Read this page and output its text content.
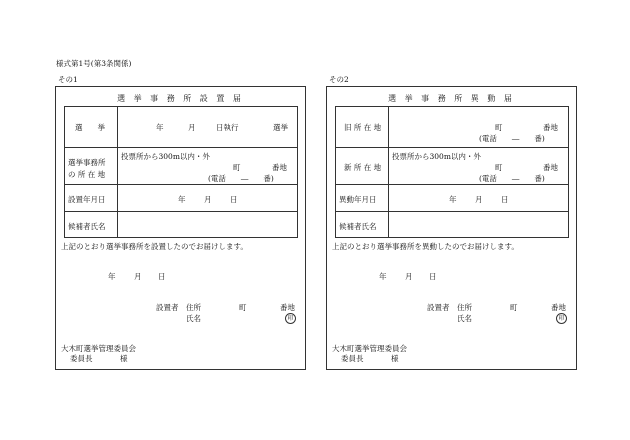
様式第1号(第3条関係)
その1	その2
選 挙 事 務 所 設 置 届
選　　挙	年	月	日執行	選挙
選挙事務所
の 所 在 地
投票所から300m以内・外
町	番地
(電話　　―　　番)
設置年月日	年 月 日
候補者氏名
上記のとおり選挙事務所を設置したのでお届けします。
年 月 日
設置者 住所	町	番地
氏名	印
大木町選挙管理委員会
委員長	様
選 挙 事 務 所 異 動 届
旧 所 在 地	町	番地
(電話　　―　　番)
新 所 在 地
投票所から300m以内・外
町	番地
(電話　　―　　番)
異動年月日	年 月 日
候補者氏名
上記のとおり選挙事務所を異動したのでお届けします。
年 月 日
設置者 住所	町	番地
氏名	印
大木町選挙管理委員会
委員長	様
